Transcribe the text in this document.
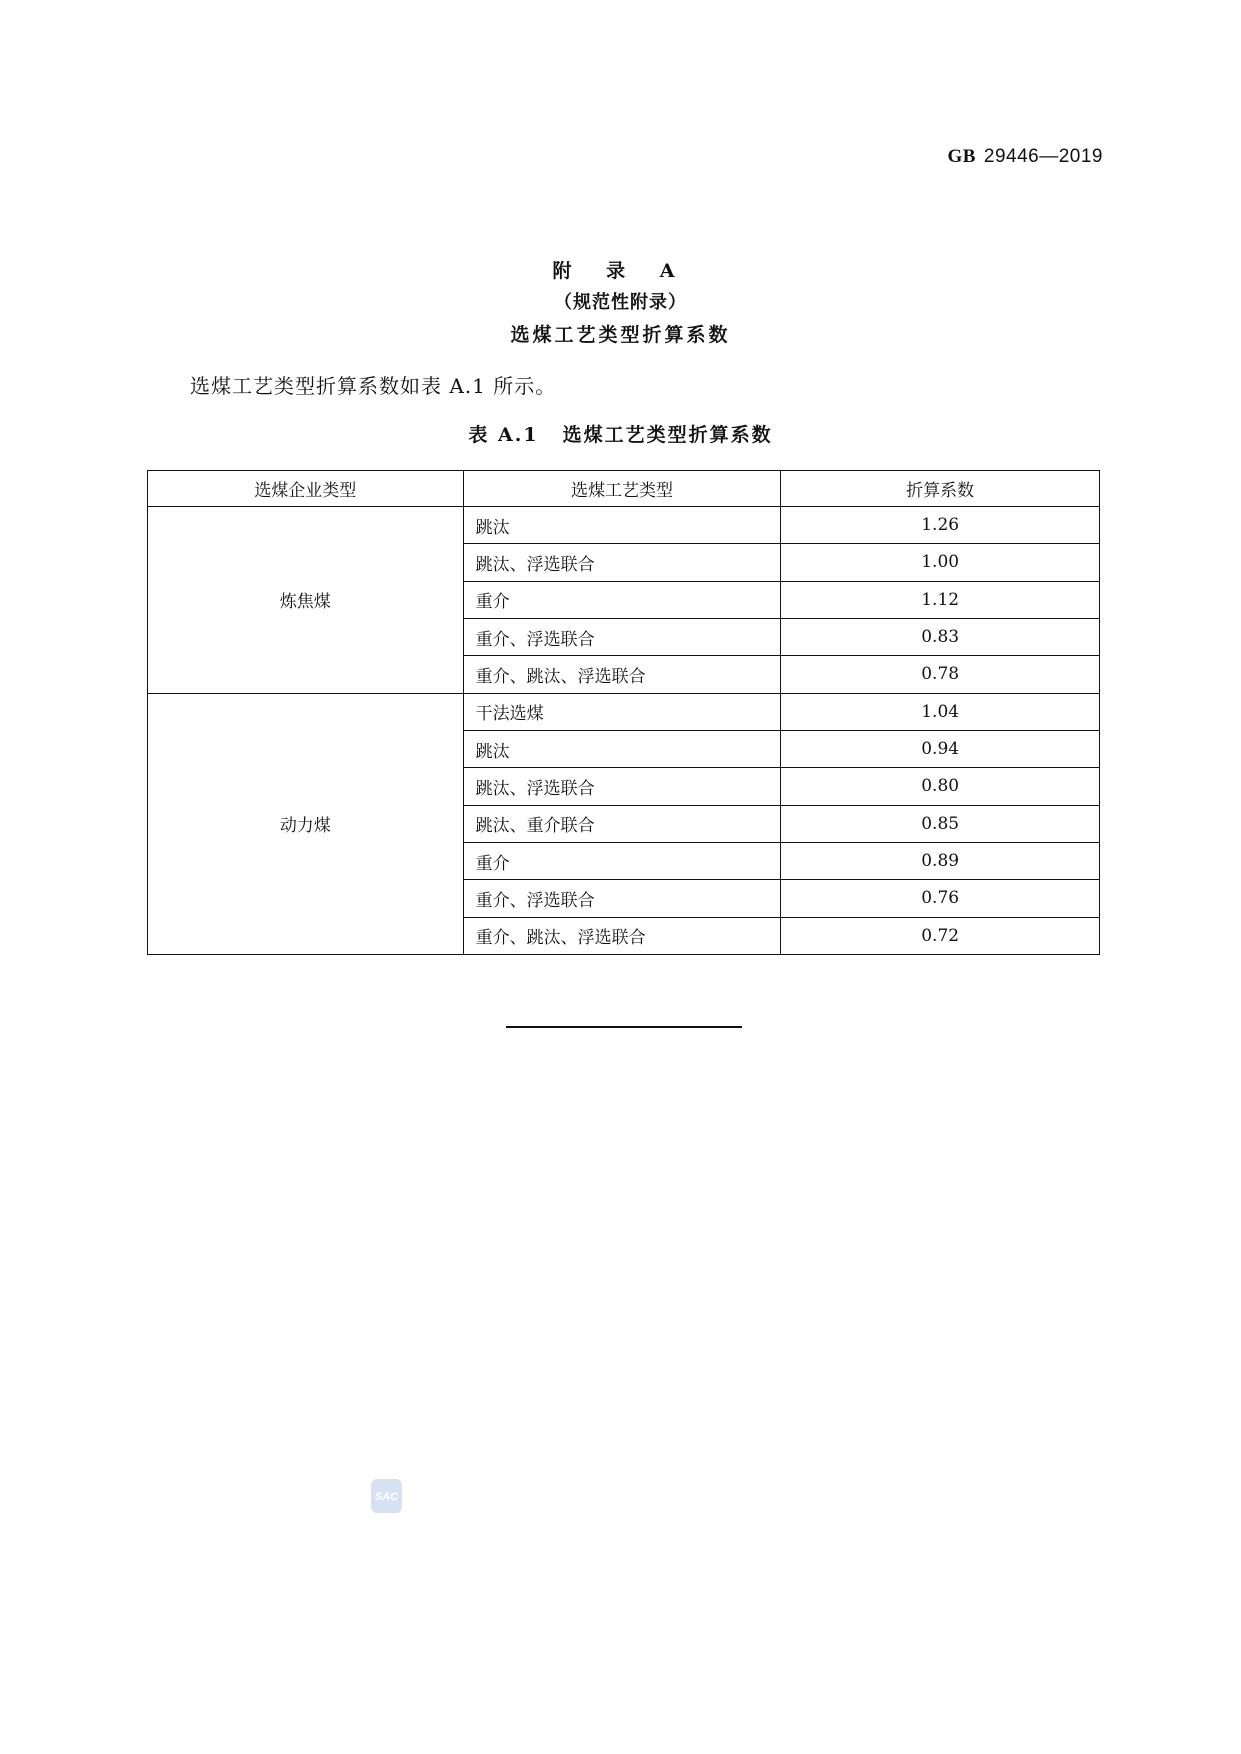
GB 29446—2019
附 录 A
（规范性附录）
选煤工艺类型折算系数
选煤工艺类型折算系数如表 A.1 所示。
表 A.1 选煤工艺类型折算系数
选煤企业类型	选煤工艺类型	折算系数
炼焦煤	跳汰	1.26
	跳汰、浮选联合	1.00
	重介	1.12
	重介、浮选联合	0.83
	重介、跳汰、浮选联合	0.78
动力煤	干法选煤	1.04
	跳汰	0.94
	跳汰、浮选联合	0.80
	跳汰、重介联合	0.85
	重介	0.89
	重介、浮选联合	0.76
	重介、跳汰、浮选联合	0.72
SAC
